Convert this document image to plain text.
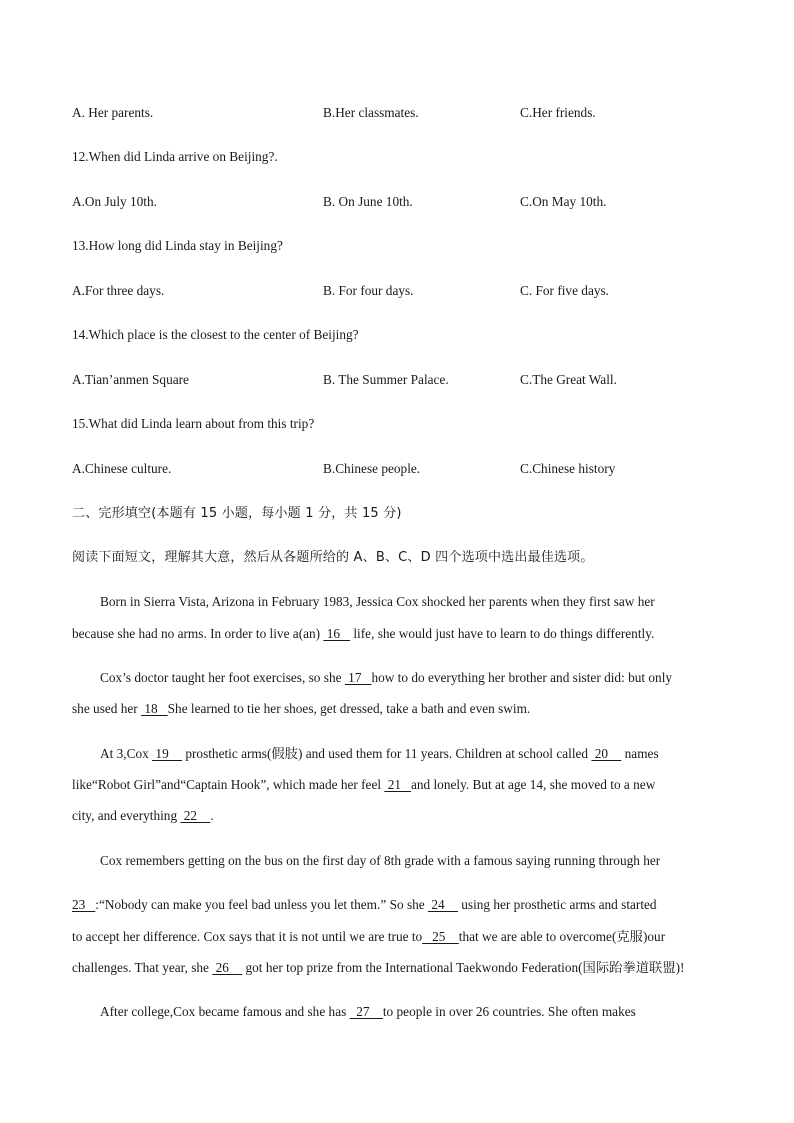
A. Her parents.	B.Her classmates.	C.Her friends.
12.When did Linda arrive on Beijing?.
A.On July 10th.	B. On June 10th.	C.On May 10th.
13.How long did Linda stay in Beijing?
A.For three days.	B. For four days.	C. For five days.
14.Which place is the closest to the center of Beijing?
A.Tian’anmen Square	B. The Summer Palace.	C.The Great Wall.
15.What did Linda learn about from this trip?
A.Chinese culture.	B.Chinese people.	C.Chinese history
二、完形填空(本题有 15 小题，每小题 1 分，共 15 分)
阅读下面短文，理解其大意，然后从各题所给的 A、B、C、D 四个选项中选出最佳选项。
Born in Sierra Vista, Arizona in February 1983, Jessica Cox shocked her parents when they first saw her
because she had no arms. In order to live a(an)  16    life, she would just have to learn to do things differently.
Cox’s doctor taught her foot exercises, so she  17   how to do everything her brother and sister did: but only
she used her  18   She learned to tie her shoes, get dressed, take a bath and even swim.
At 3,Cox  19     prosthetic arms(假肢) and used them for 11 years. Children at school called  20     names
like“Robot Girl”and“Captain Hook”, which made her feel  21   and lonely. But at age 14, she moved to a new
city, and everything  22    .
Cox remembers getting on the bus on the first day of 8th grade with a famous saying running through her
23   :“Nobody can make you feel bad unless you let them.” So she  24     using her prosthetic arms and started
to accept her difference. Cox says that it is not until we are true to   25    that we are able to overcome(克服)our
challenges. That year, she  26     got her top prize from the International Taekwondo Federation(国际跆拳道联盟)!
After college,Cox became famous and she has   27    to people in over 26 countries. She often makes
